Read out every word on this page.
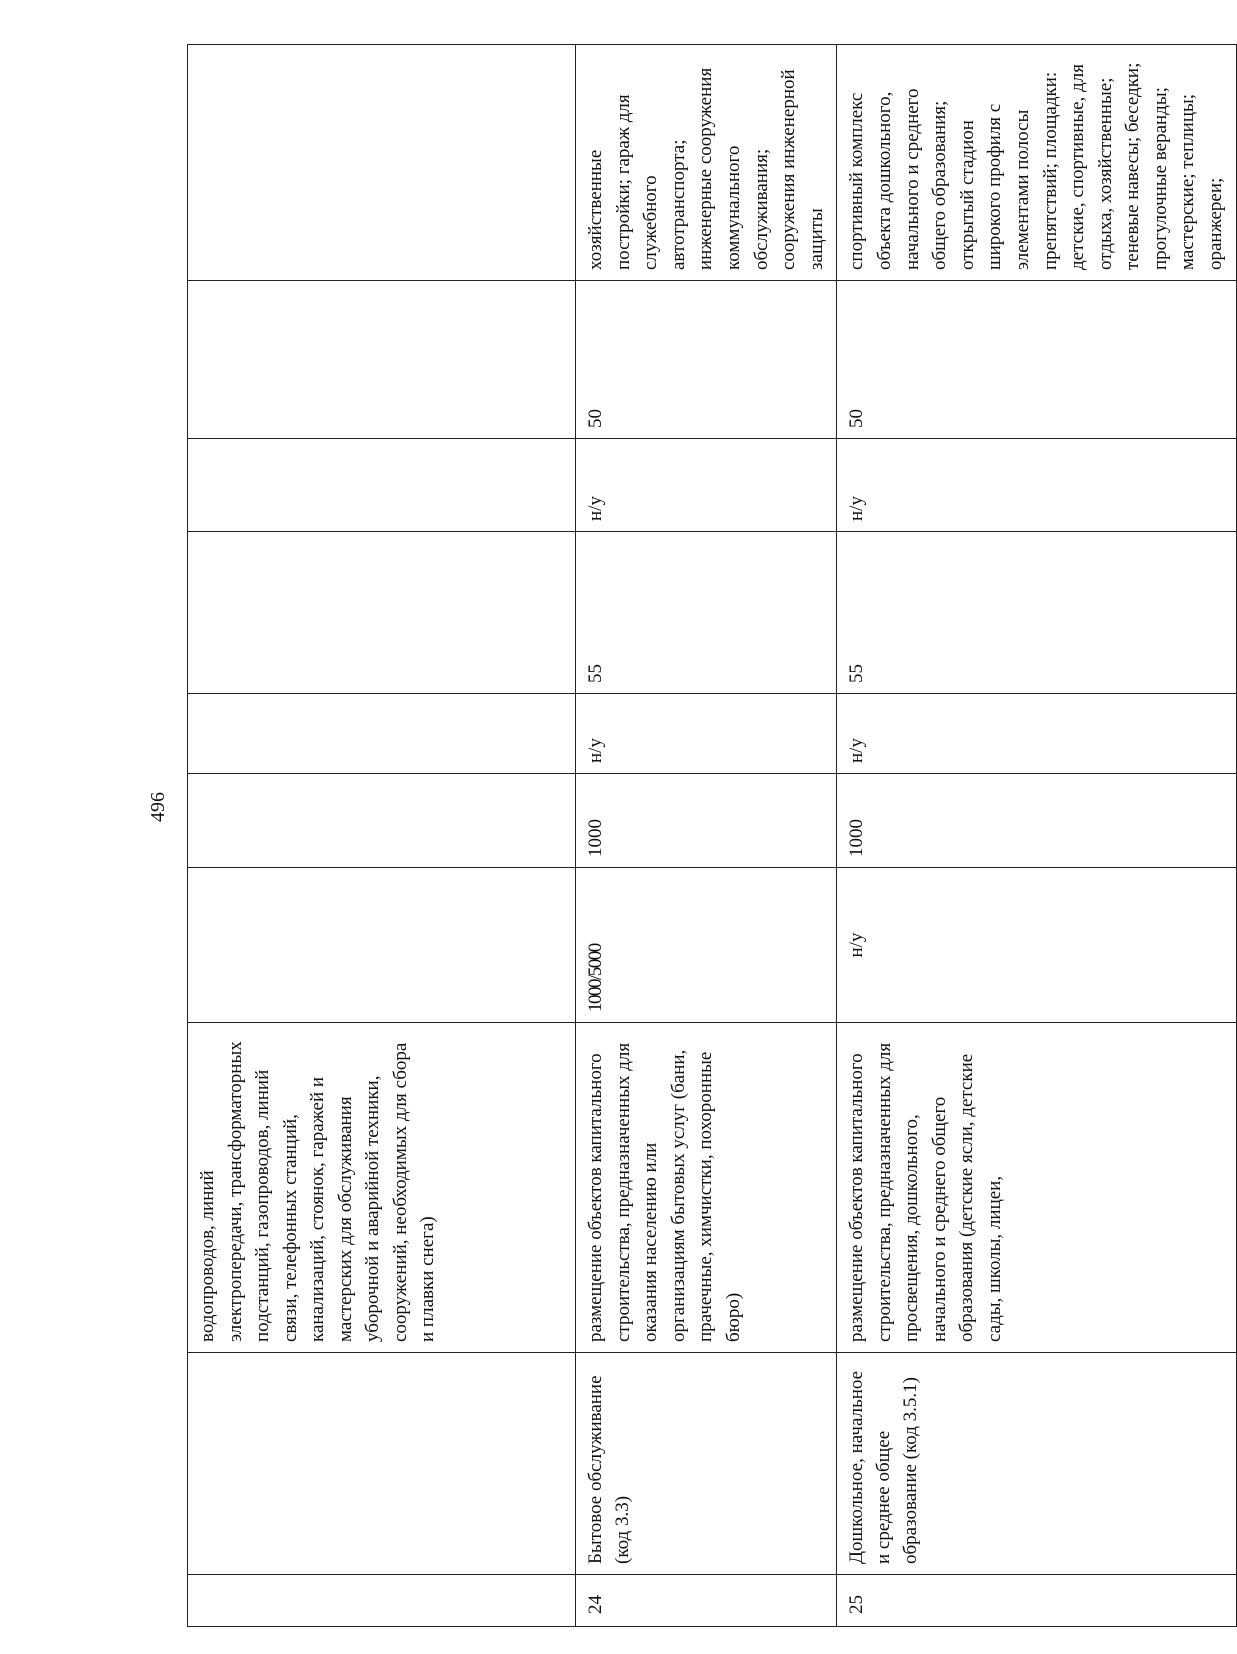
496
		водопроводов, линий электропередачи, трансформаторных подстанций, газопроводов, линий связи, телефонных станций, канализаций, стоянок, гаражей и мастерских для обслуживания уборочной и аварийной техники, сооружений, необходимых для сбора и плавки снега)							
24	Бытовое обслуживание (код 3.3)	размещение объектов капитального строительства, предназначенных для оказания населению или организациям бытовых услуг (бани, прачечные, химчистки, похоронные бюро)	1000/5000	1000	н/у	55	н/у	50	хозяйственные постройки; гараж для служебного автотранспорта; инженерные сооружения коммунального обслуживания; сооружения инженерной защиты
25	Дошкольное, начальное и среднее общее образование (код 3.5.1)	размещение объектов капитального строительства, предназначенных для просвещения, дошкольного, начального и среднего общего образования (детские ясли, детские сады, школы, лицеи,	н/у	1000	н/у	55	н/у	50	спортивный комплекс объекта дошкольного, начального и среднего общего образования; открытый стадион широкого профиля с элементами полосы препятствий; площадки: детские, спортивные, для отдыха, хозяйственные; теневые навесы; беседки; прогулочные веранды; мастерские; теплицы; оранжереи;
